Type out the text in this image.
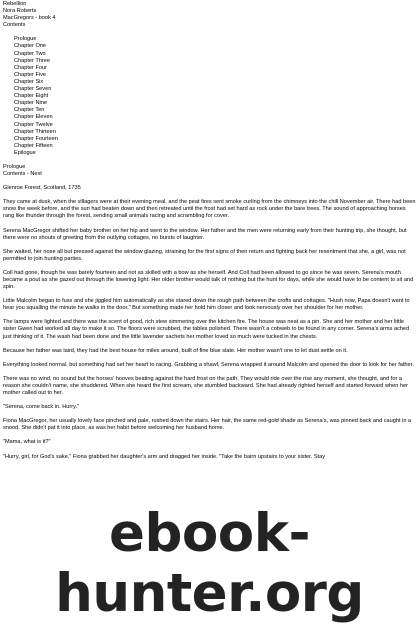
Rebellion
Nora Roberts
MacGregors - book 4
Contents
Prologue
Chapter One
Chapter Two
Chapter Three
Chapter Four
Chapter Five
Chapter Six
Chapter Seven
Chapter Eight
Chapter Nine
Chapter Ten
Chapter Eleven
Chapter Twelve
Chapter Thirteen
Chapter Fourteen
Chapter Fifteen
Epilogue
Prologue
Contents - Next
Glenroe Forest, Scotland, 1735

They came at dusk, when the villagers were at their evening meal, and the peat fires sent smoke curling from the chimneys into the chill November air. There had been snow the week before, and the sun had beaten down and then retreated until the frost had set hard as rock under the bare trees. The sound of approaching horses rang like thunder through the forest, sending small animals racing and scrambling for cover.

Serena MacGregor shifted her baby brother on her hip and went to the window. Her father and the men were returning early from their hunting trip, she thought, but there were no shouts of greeting from the outlying cottages, no bursts of laughter.

She waited, her nose all but pressed against the window glazing, straining for the first signs of their return and fighting back her resentment that she, a girl, was not permitted to join hunting parties.

Coll had gone, though he was barely fourteen and not as skilled with a bow as she herself. And Coll had been allowed to go since he was seven. Serena's mouth became a pout as she gazed out through the lowering light. Her older brother would talk of nothing but the hunt for days, while she would have to be content to sit and spin.

Little Malcolm began to fuss and she jiggled him automatically as she stared down the rough path between the crofts and cottages. "Hush now, Papa doesn't want to hear you squalling the minute he walks in the door." But something made her hold him closer and look nervously over her shoulder for her mother.

The lamps were lighted and there was the scent of good, rich stew simmering over the kitchen fire. The house was neat as a pin. She and her mother and her little sister Gwen had worked all day to make it so. The floors were scrubbed, the tables polished. There wasn't a cobweb to be found in any corner. Serena's arms ached just thinking of it. The wash had been done and the little lavender sachets her mother loved so much were tucked in the chests.

Because her father was laird, they had the best house for miles around, built of fine blue slate. Her mother wasn't one to let dust settle on it.

Everything looked normal, but something had set her heart to racing. Grabbing a shawl, Serena wrapped it around Malcolm and opened the door to look for her father.

There was no wind, no sound but the horses' hooves beating against the hard frost on the path. They would ride over the rise any moment, she thought, and for a reason she couldn't name, she shuddered. When she heard the first scream, she stumbled backward. She had already righted herself and started forward when her mother called out to her.

"Serena, come back in. Hurry."

Fiona MacGregor, her usually lovely face pinched and pale, rushed down the stairs. Her hair, the same red-gold shade as Serena's, was pinned back and caught in a snood. She didn't pat it into place, as was her habit before welcoming her husband home.

"Mama, what is it?"

"Hurry, girl, for God's sake." Fiona grabbed her daughter's arm and dragged her inside. "Take the bairn upstairs to your sister. Stay

ebook-hunter.org
